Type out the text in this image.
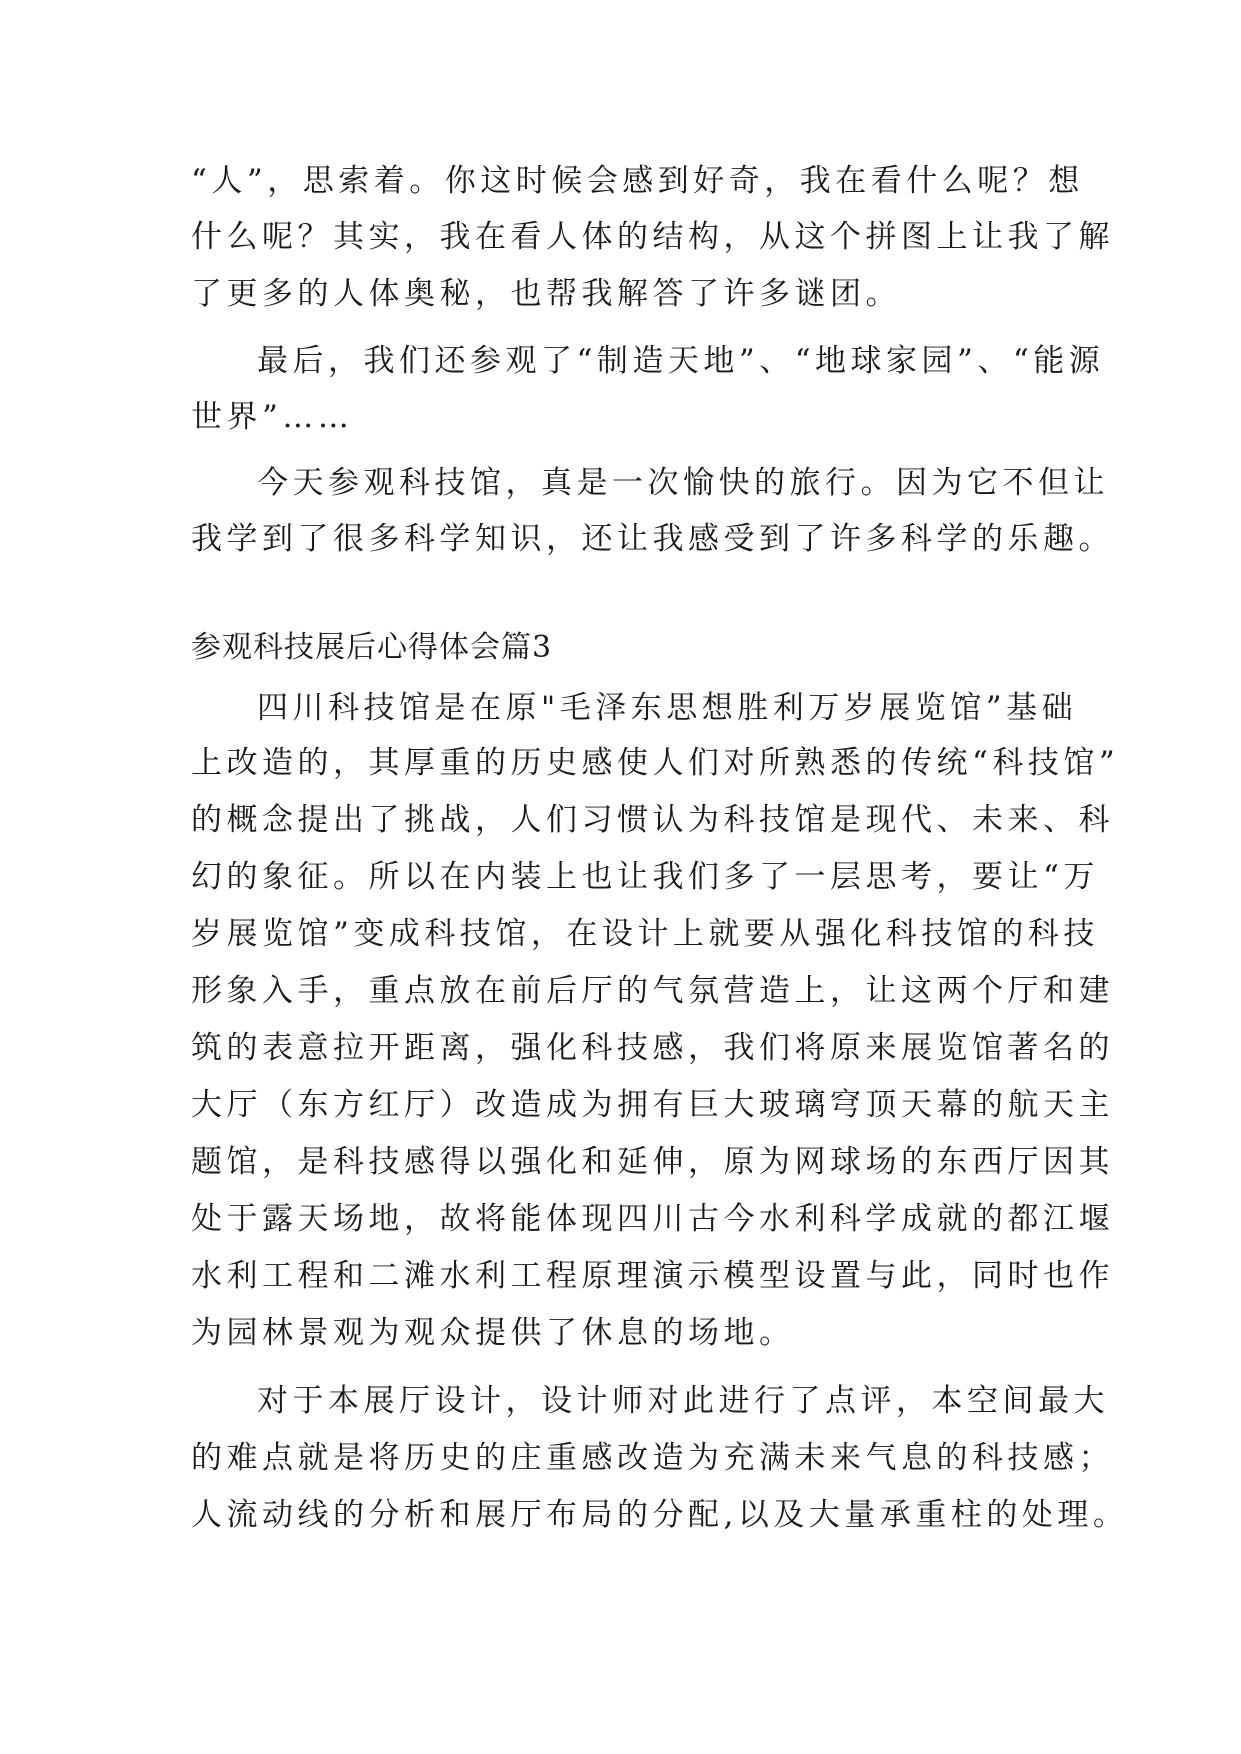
“人”，思索着。你这时候会感到好奇，我在看什么呢？想
什么呢？其实，我在看人体的结构，从这个拼图上让我了解
了更多的人体奥秘，也帮我解答了许多谜团。
最后，我们还参观了“制造天地”、“地球家园”、“能源
世界”……
今天参观科技馆，真是一次愉快的旅行。因为它不但让
我学到了很多科学知识，还让我感受到了许多科学的乐趣。
参观科技展后心得体会篇3
四川科技馆是在原"毛泽东思想胜利万岁展览馆”基础
上改造的，其厚重的历史感使人们对所熟悉的传统“科技馆”
的概念提出了挑战，人们习惯认为科技馆是现代、未来、科
幻的象征。所以在内装上也让我们多了一层思考，要让“万
岁展览馆”变成科技馆，在设计上就要从强化科技馆的科技
形象入手，重点放在前后厅的气氛营造上，让这两个厅和建
筑的表意拉开距离，强化科技感，我们将原来展览馆著名的
大厅（东方红厅）改造成为拥有巨大玻璃穹顶天幕的航天主
题馆，是科技感得以强化和延伸，原为网球场的东西厅因其
处于露天场地，故将能体现四川古今水利科学成就的都江堰
水利工程和二滩水利工程原理演示模型设置与此，同时也作
为园林景观为观众提供了休息的场地。
对于本展厅设计，设计师对此进行了点评，本空间最大
的难点就是将历史的庄重感改造为充满未来气息的科技感；
人流动线的分析和展厅布局的分配,以及大量承重柱的处理。
